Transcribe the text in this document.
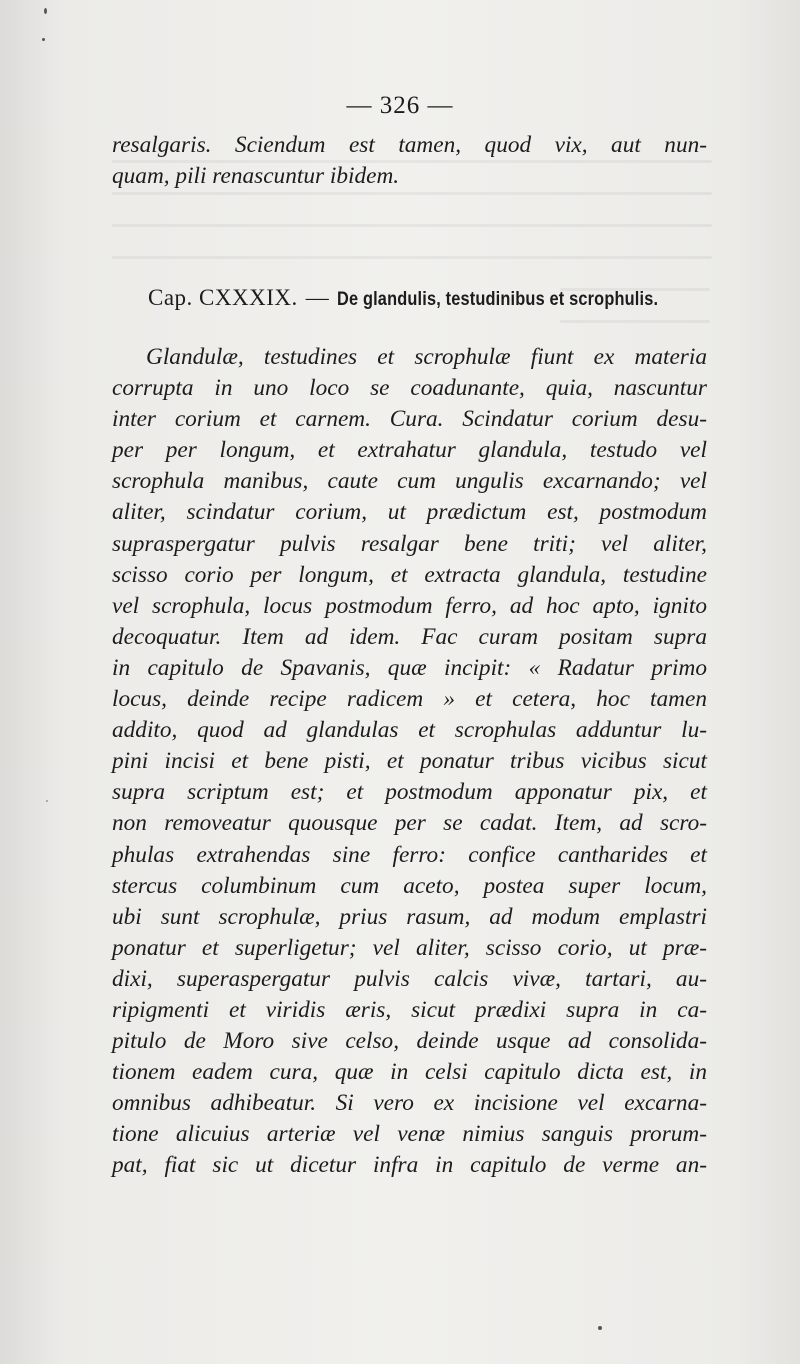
— 326 —
resalgaris. Sciendum est tamen, quod vix, aut nun-
quam, pili renascuntur ibidem.
Cap. CXXXIX. — De glandulis, testudinibus et scrophulis.
Glandulæ, testudines et scrophulæ fiunt ex materia
corrupta in uno loco se coadunante, quia, nascuntur
inter corium et carnem. Cura. Scindatur corium desu-
per per longum, et extrahatur glandula, testudo vel
scrophula manibus, caute cum ungulis excarnando; vel
aliter, scindatur corium, ut prædictum est, postmodum
supraspergatur pulvis resalgar bene triti; vel aliter,
scisso corio per longum, et extracta glandula, testudine
vel scrophula, locus postmodum ferro, ad hoc apto, ignito
decoquatur. Item ad idem. Fac curam positam supra
in capitulo de Spavanis, quæ incipit: « Radatur primo
locus, deinde recipe radicem » et cetera, hoc tamen
addito, quod ad glandulas et scrophulas adduntur lu-
pini incisi et bene pisti, et ponatur tribus vicibus sicut
supra scriptum est; et postmodum apponatur pix, et
non removeatur quousque per se cadat. Item, ad scro-
phulas extrahendas sine ferro: confice cantharides et
stercus columbinum cum aceto, postea super locum,
ubi sunt scrophulæ, prius rasum, ad modum emplastri
ponatur et superligetur; vel aliter, scisso corio, ut præ-
dixi, superaspergatur pulvis calcis vivæ, tartari, au-
ripigmenti et viridis æris, sicut prædixi supra in ca-
pitulo de Moro sive celso, deinde usque ad consolida-
tionem eadem cura, quæ in celsi capitulo dicta est, in
omnibus adhibeatur. Si vero ex incisione vel excarna-
tione alicuius arteriæ vel venæ nimius sanguis prorum-
pat, fiat sic ut dicetur infra in capitulo de verme an-
